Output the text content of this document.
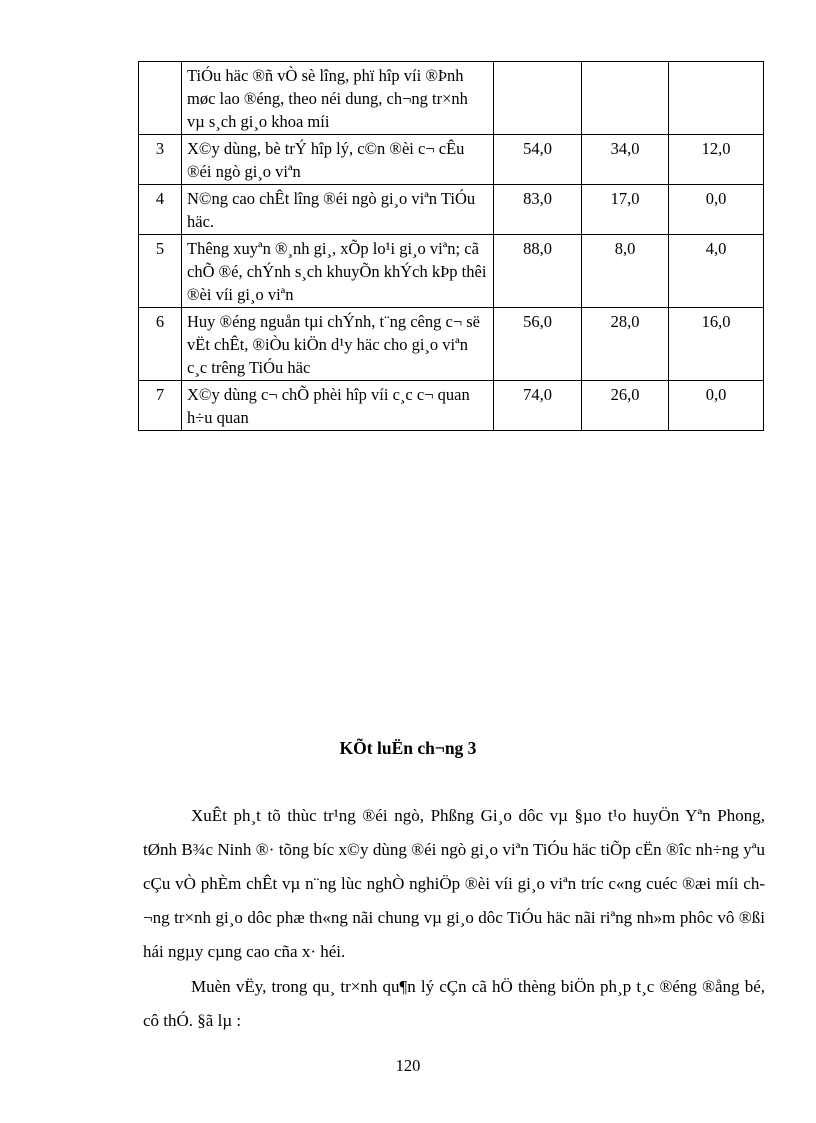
	TiÓu häc ®ñ vÒ sè lîng, phï hîp víi ®Þnh møc lao ®éng, theo néi dung, ch¬ng tr×nh vµ s¸ch gi¸o khoa míi			
3	X©y dùng, bè trÝ hîp lý, c©n ®èi c¬ cÊu ®éi ngò gi¸o viªn	54,0	34,0	12,0
4	N©ng cao chÊt lîng ®éi ngò gi¸o viªn TiÓu häc.	83,0	17,0	0,0
5	Thêng xuyªn ®¸nh gi¸, xÕp lo¹i gi¸o viªn; cã chÕ ®é, chÝnh s¸ch khuyÕn khÝch kÞp thêi ®èi víi gi¸o viªn	88,0	8,0	4,0
6	Huy ®éng nguån tµi chÝnh, t¨ng cêng c¬ së vËt chÊt, ®iÒu kiÖn d¹y häc cho gi¸o viªn c¸c trêng TiÓu häc	56,0	28,0	16,0
7	X©y dùng c¬ chÕ phèi hîp víi c¸c c¬ quan h÷u quan	74,0	26,0	0,0
KÕt luËn ch¬ng 3

XuÊt ph¸t tõ thùc tr¹ng ®éi ngò, Phßng Gi¸o dôc vµ §µo t¹o huyÖn Yªn Phong, tØnh B¾c Ninh ®· tõng bíc x©y dùng ®éi ngò gi¸o viªn TiÓu häc tiÕp cËn ®îc nh÷ng yªu cÇu vÒ phÈm chÊt vµ n¨ng lùc nghÒ nghiÖp ®èi víi gi¸o viªn tríc c«ng cuéc ®æi míi ch¬ng tr×nh gi¸o dôc phæ th«ng nãi chung vµ gi¸o dôc TiÓu häc nãi riªng nh»m phôc vô ®ßi hái ngµy cµng cao cña x· héi.

Muèn vËy, trong qu¸ tr×nh qu¶n lý cÇn cã hÖ thèng biÖn ph¸p t¸c ®éng ®ång bé, cô thÓ. §ã lµ :

120
